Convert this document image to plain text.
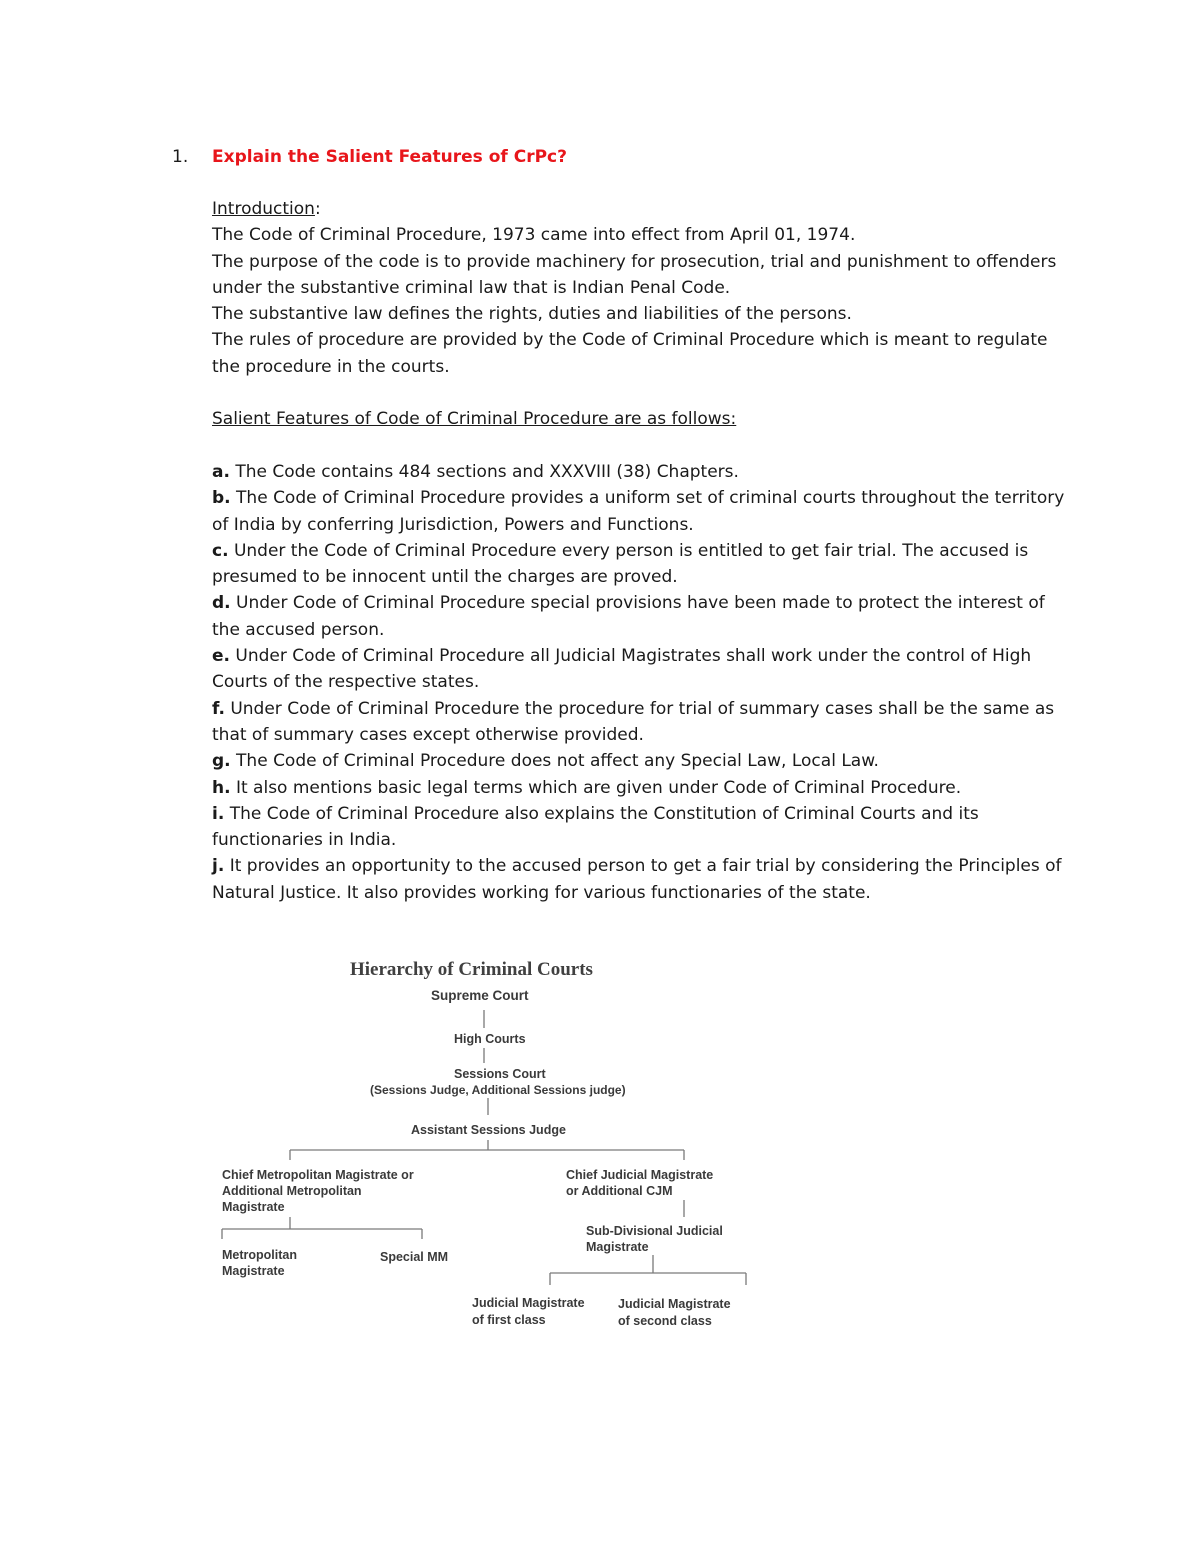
1. Explain the Salient Features of CrPc?

Introduction:

The Code of Criminal Procedure, 1973 came into effect from April 01, 1974.

The purpose of the code is to provide machinery for prosecution, trial and punishment to offenders under the substantive criminal law that is Indian Penal Code.

The substantive law defines the rights, duties and liabilities of the persons.

The rules of procedure are provided by the Code of Criminal Procedure which is meant to regulate the procedure in the courts.

Salient Features of Code of Criminal Procedure are as follows:

a. The Code contains 484 sections and XXXVIII (38) Chapters.

b. The Code of Criminal Procedure provides a uniform set of criminal courts throughout the territory of India by conferring Jurisdiction, Powers and Functions.

c. Under the Code of Criminal Procedure every person is entitled to get fair trial. The accused is presumed to be innocent until the charges are proved.

d. Under Code of Criminal Procedure special provisions have been made to protect the interest of the accused person.

e. Under Code of Criminal Procedure all Judicial Magistrates shall work under the control of High Courts of the respective states.

f. Under Code of Criminal Procedure the procedure for trial of summary cases shall be the same as that of summary cases except otherwise provided.

g. The Code of Criminal Procedure does not affect any Special Law, Local Law.

h. It also mentions basic legal terms which are given under Code of Criminal Procedure.

i. The Code of Criminal Procedure also explains the Constitution of Criminal Courts and its functionaries in India.

j. It provides an opportunity to the accused person to get a fair trial by considering the Principles of Natural Justice. It also provides working for various functionaries of the state.

Hierarchy of Criminal Courts
Supreme Court
High Courts
Sessions Court
(Sessions Judge, Additional Sessions judge)
Assistant Sessions Judge
Chief Metropolitan Magistrate or
Additional Metropolitan
Magistrate
Chief Judicial Magistrate
or Additional CJM
Sub-Divisional Judicial
Magistrate
Metropolitan
Magistrate
Special MM
Judicial Magistrate
of first class
Judicial Magistrate
of second class
